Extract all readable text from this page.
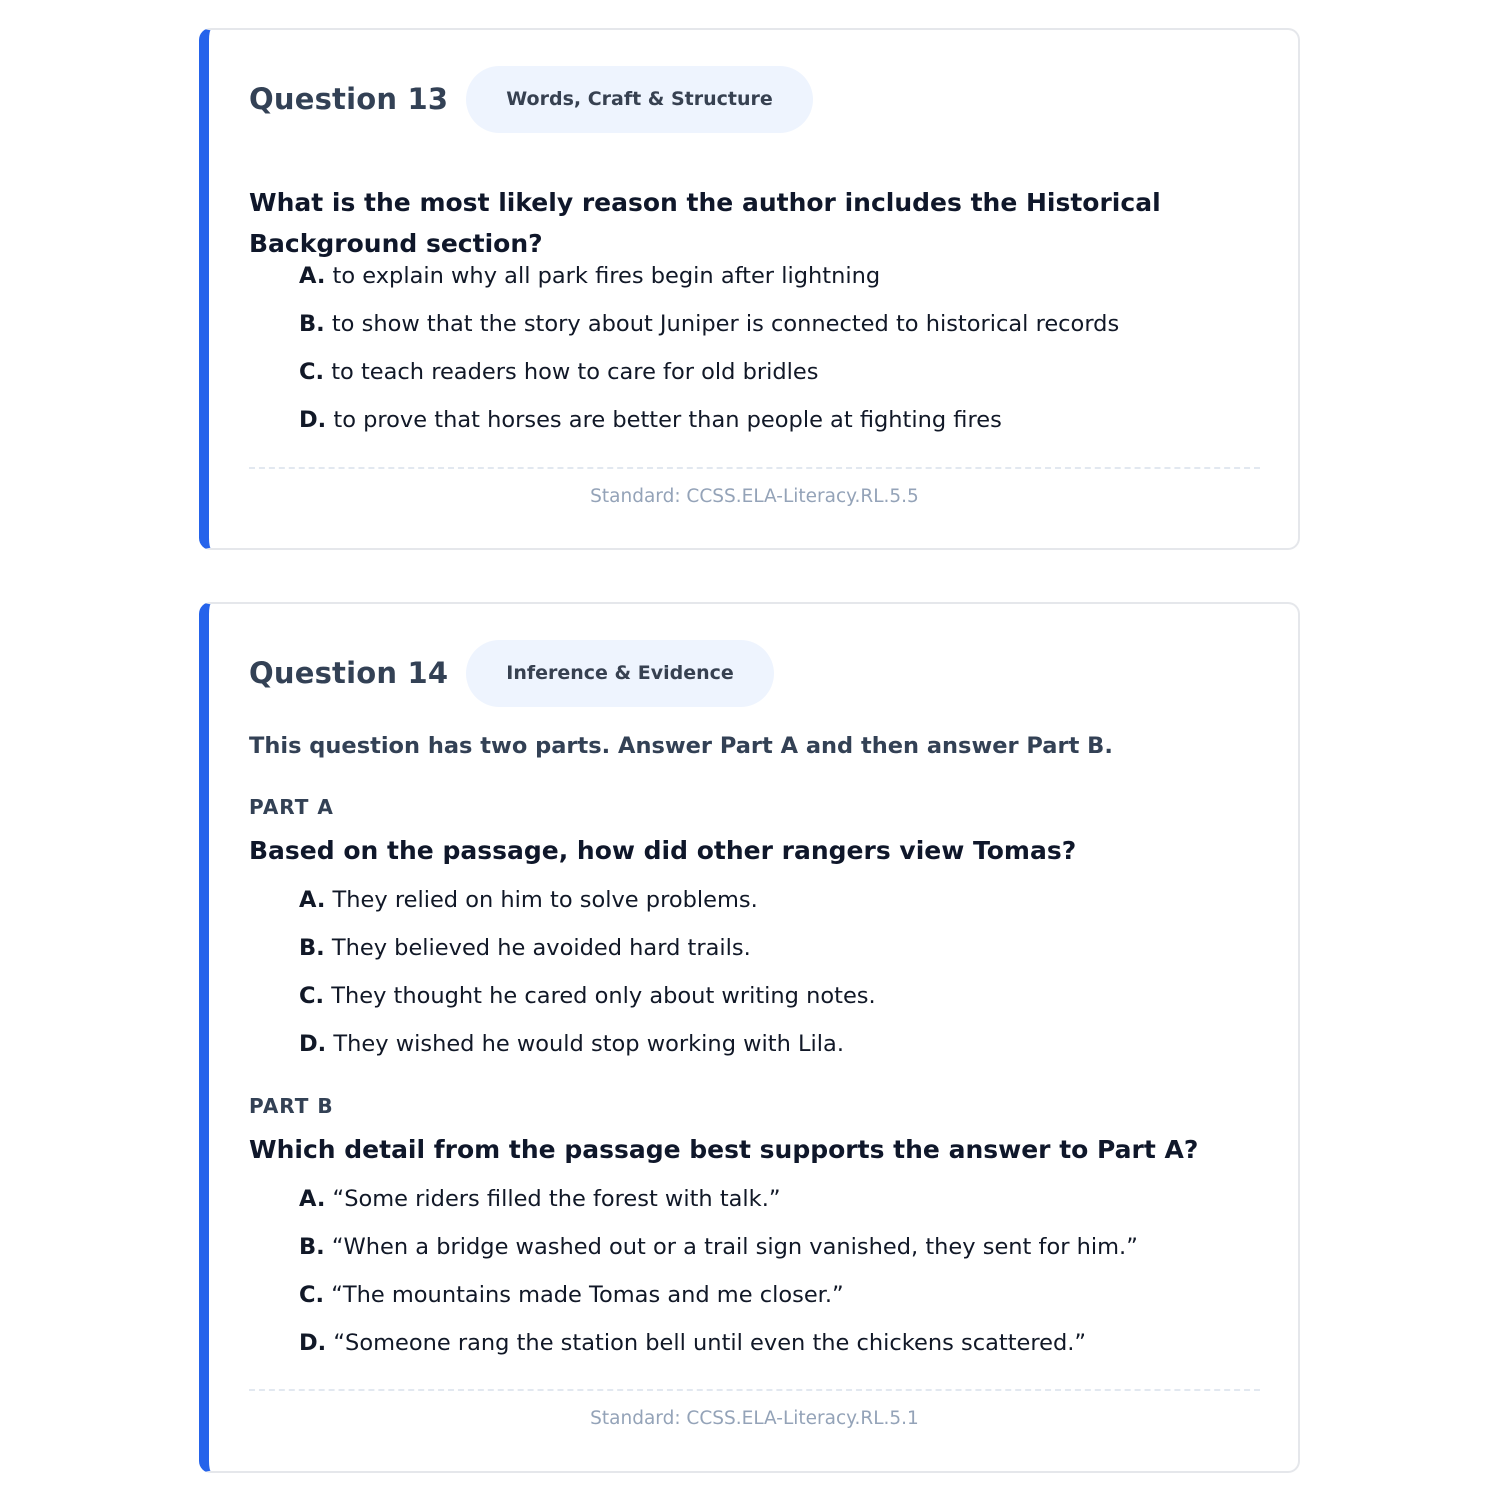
Question 13	Words, Craft & Structure
What is the most likely reason the author includes the Historical Background section?
A. to explain why all park fires begin after lightning
B. to show that the story about Juniper is connected to historical records
C. to teach readers how to care for old bridles
D. to prove that horses are better than people at fighting fires
Standard: CCSS.ELA-Literacy.RL.5.5
Question 14	Inference & Evidence
This question has two parts. Answer Part A and then answer Part B.
PART A
Based on the passage, how did other rangers view Tomas?
A. They relied on him to solve problems.
B. They believed he avoided hard trails.
C. They thought he cared only about writing notes.
D. They wished he would stop working with Lila.
PART B
Which detail from the passage best supports the answer to Part A?
A. “Some riders filled the forest with talk.”
B. “When a bridge washed out or a trail sign vanished, they sent for him.”
C. “The mountains made Tomas and me closer.”
D. “Someone rang the station bell until even the chickens scattered.”
Standard: CCSS.ELA-Literacy.RL.5.1
